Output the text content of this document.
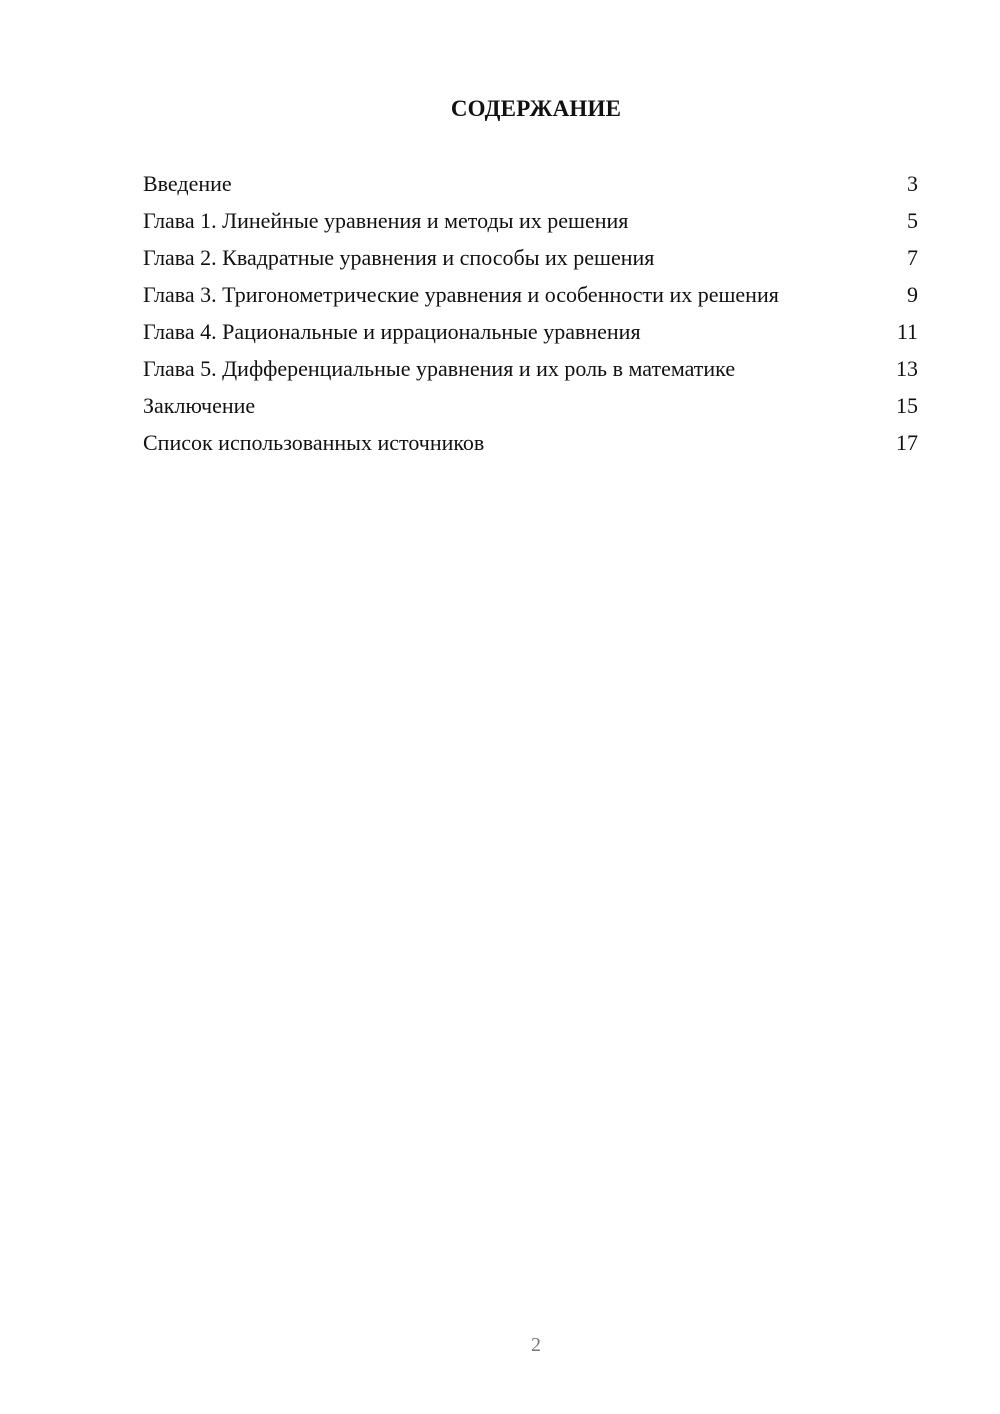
СОДЕРЖАНИЕ
Введение	3
Глава 1. Линейные уравнения и методы их решения	5
Глава 2. Квадратные уравнения и способы их решения	7
Глава 3. Тригонометрические уравнения и особенности их решения	9
Глава 4. Рациональные и иррациональные уравнения	11
Глава 5. Дифференциальные уравнения и их роль в математике	13
Заключение	15
Список использованных источников	17
2
